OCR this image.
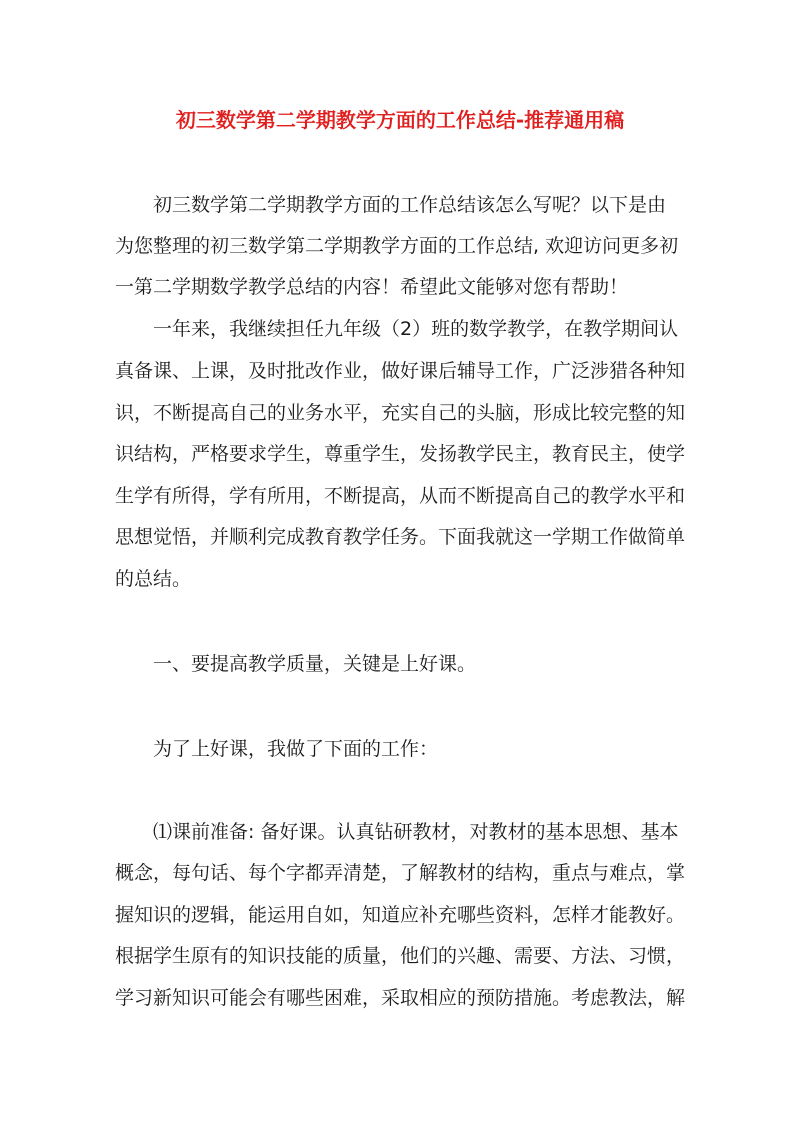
初三数学第二学期教学方面的工作总结-推荐通用稿
初三数学第二学期教学方面的工作总结该怎么写呢？以下是由
为您整理的初三数学第二学期教学方面的工作总结, 欢迎访问更多初
一第二学期数学教学总结的内容！希望此文能够对您有帮助！
一年来，我继续担任九年级（2）班的数学教学，在教学期间认
真备课、上课，及时批改作业，做好课后辅导工作，广泛涉猎各种知
识，不断提高自己的业务水平，充实自己的头脑，形成比较完整的知
识结构，严格要求学生，尊重学生，发扬教学民主，教育民主，使学
生学有所得，学有所用，不断提高，从而不断提高自己的教学水平和
思想觉悟，并顺利完成教育教学任务。下面我就这一学期工作做简单
的总结。
一、要提高教学质量，关键是上好课。
为了上好课，我做了下面的工作：
⑴课前准备: 备好课。认真钻研教材，对教材的基本思想、基本
概念，每句话、每个字都弄清楚，了解教材的结构，重点与难点，掌
握知识的逻辑，能运用自如，知道应补充哪些资料，怎样才能教好。
根据学生原有的知识技能的质量，他们的兴趣、需要、方法、习惯，
学习新知识可能会有哪些困难，采取相应的预防措施。考虑教法，解
